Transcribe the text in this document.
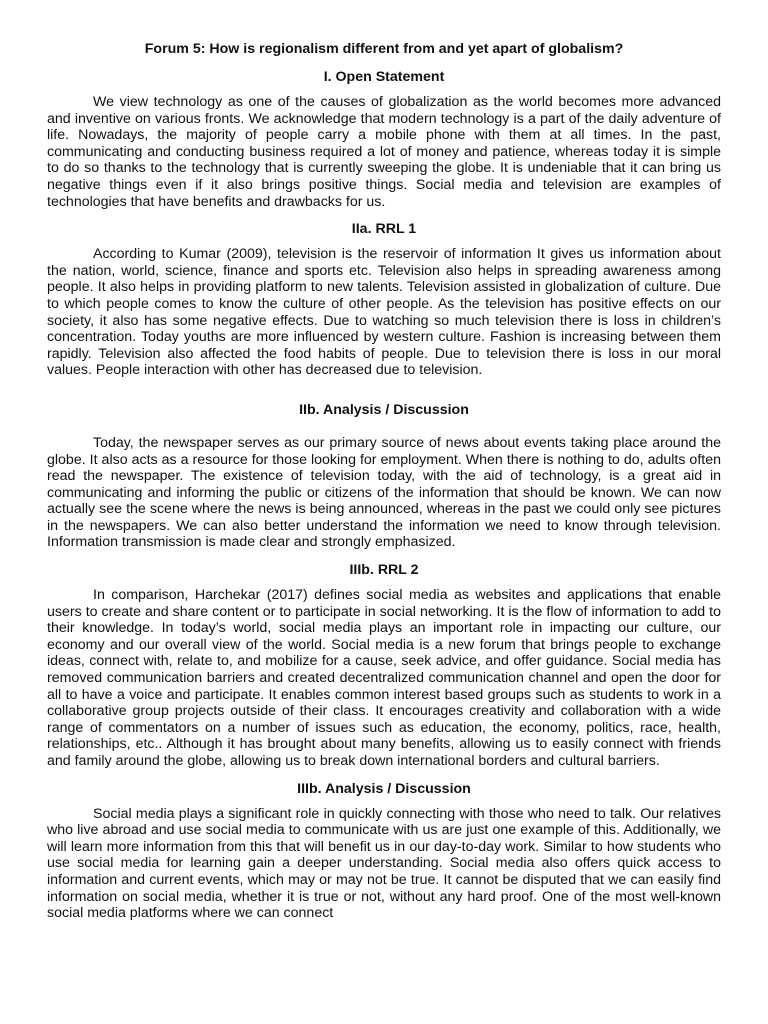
Forum 5: How is regionalism different from and yet apart of globalism?
I. Open Statement

We view technology as one of the causes of globalization as the world becomes more advanced and inventive on various fronts. We acknowledge that modern technology is a part of the daily adventure of life. Nowadays, the majority of people carry a mobile phone with them at all times. In the past, communicating and conducting business required a lot of money and patience, whereas today it is simple to do so thanks to the technology that is currently sweeping the globe. It is undeniable that it can bring us negative things even if it also brings positive things. Social media and television are examples of technologies that have benefits and drawbacks for us.

IIa. RRL 1

According to Kumar (2009), television is the reservoir of information It gives us information about the nation, world, science, finance and sports etc. Television also helps in spreading awareness among people. It also helps in providing platform to new talents. Television assisted in globalization of culture. Due to which people comes to know the culture of other people. As the television has positive effects on our society, it also has some negative effects. Due to watching so much television there is loss in children’s concentration. Today youths are more influenced by western culture. Fashion is increasing between them rapidly. Television also affected the food habits of people. Due to television there is loss in our moral values. People interaction with other has decreased due to television.

IIb. Analysis / Discussion

Today, the newspaper serves as our primary source of news about events taking place around the globe. It also acts as a resource for those looking for employment. When there is nothing to do, adults often read the newspaper. The existence of television today, with the aid of technology, is a great aid in communicating and informing the public or citizens of the information that should be known. We can now actually see the scene where the news is being announced, whereas in the past we could only see pictures in the newspapers. We can also better understand the information we need to know through television. Information transmission is made clear and strongly emphasized.

IIIb. RRL 2

In comparison, Harchekar (2017) defines social media as websites and applications that enable users to create and share content or to participate in social networking. It is the flow of information to add to their knowledge. In today’s world, social media plays an important role in impacting our culture, our economy and our overall view of the world. Social media is a new forum that brings people to exchange ideas, connect with, relate to, and mobilize for a cause, seek advice, and offer guidance. Social media has removed communication barriers and created decentralized communication channel and open the door for all to have a voice and participate. It enables common interest based groups such as students to work in a collaborative group projects outside of their class. It encourages creativity and collaboration with a wide range of commentators on a number of issues such as education, the economy, politics, race, health, relationships, etc.. Although it has brought about many benefits, allowing us to easily connect with friends and family around the globe, allowing us to break down international borders and cultural barriers.

IIIb. Analysis / Discussion

Social media plays a significant role in quickly connecting with those who need to talk. Our relatives who live abroad and use social media to communicate with us are just one example of this. Additionally, we will learn more information from this that will benefit us in our day-to-day work. Similar to how students who use social media for learning gain a deeper understanding. Social media also offers quick access to information and current events, which may or may not be true. It cannot be disputed that we can easily find information on social media, whether it is true or not, without any hard proof. One of the most well-known social media platforms where we can connect
